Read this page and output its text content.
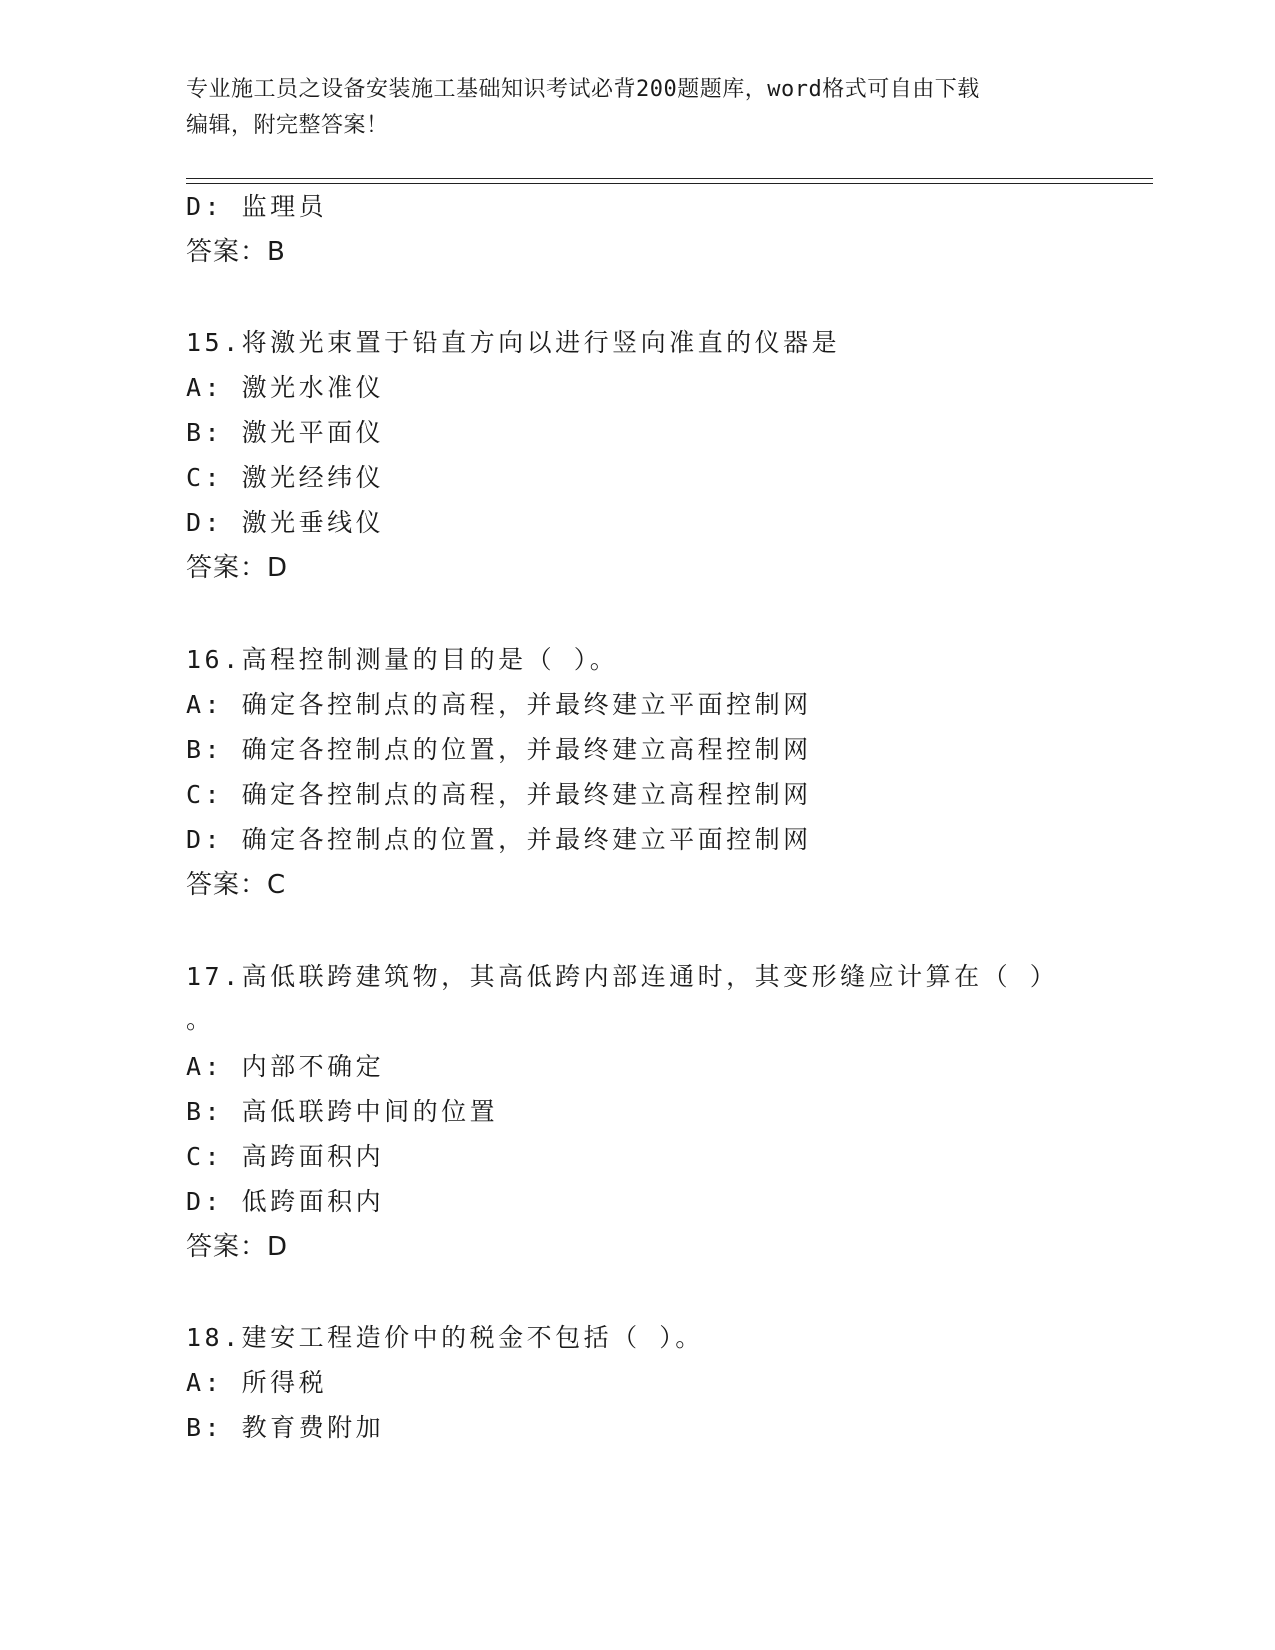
专业施工员之设备安装施工基础知识考试必背200题题库，word格式可自由下载
编辑，附完整答案！
D: 监理员
答案：B
15.将激光束置于铅直方向以进行竖向准直的仪器是
A: 激光水准仪
B: 激光平面仪
C: 激光经纬仪
D: 激光垂线仪
答案：D
16.高程控制测量的目的是（ ）。
A: 确定各控制点的高程，并最终建立平面控制网
B: 确定各控制点的位置，并最终建立高程控制网
C: 确定各控制点的高程，并最终建立高程控制网
D: 确定各控制点的位置，并最终建立平面控制网
答案：C
17.高低联跨建筑物，其高低跨内部连通时，其变形缝应计算在（ ）
。
A: 内部不确定
B: 高低联跨中间的位置
C: 高跨面积内
D: 低跨面积内
答案：D
18.建安工程造价中的税金不包括（ ）。
A: 所得税
B: 教育费附加
